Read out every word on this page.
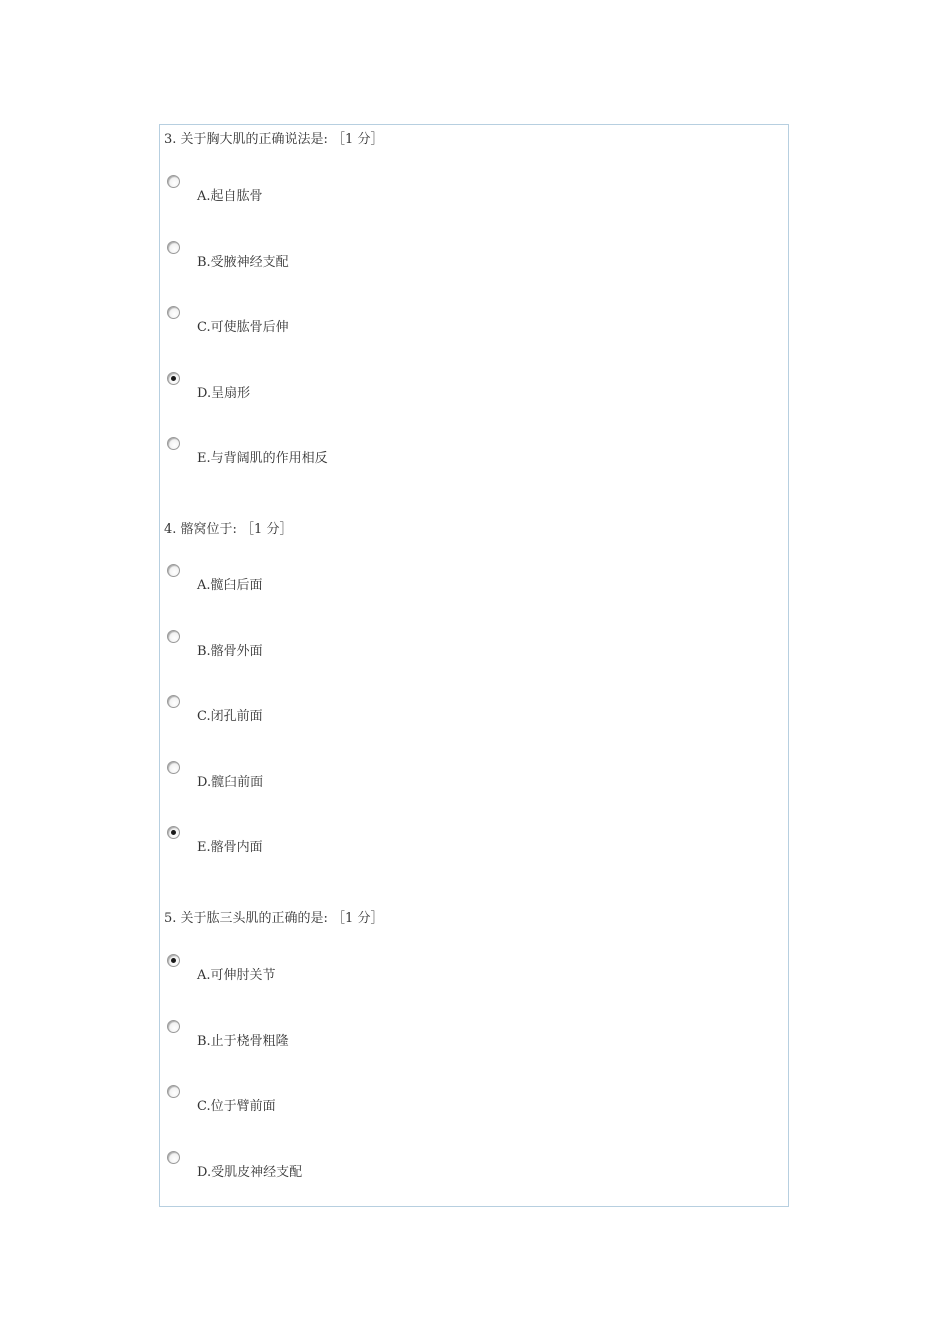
3. 关于胸大肌的正确说法是: ［1 分］
A.起自肱骨
B.受腋神经支配
C.可使肱骨后伸
D.呈扇形
E.与背阔肌的作用相反
4. 髂窝位于: ［1 分］
A.髋臼后面
B.髂骨外面
C.闭孔前面
D.髋臼前面
E.髂骨内面
5. 关于肱三头肌的正确的是: ［1 分］
A.可伸肘关节
B.止于桡骨粗隆
C.位于臂前面
D.受肌皮神经支配
